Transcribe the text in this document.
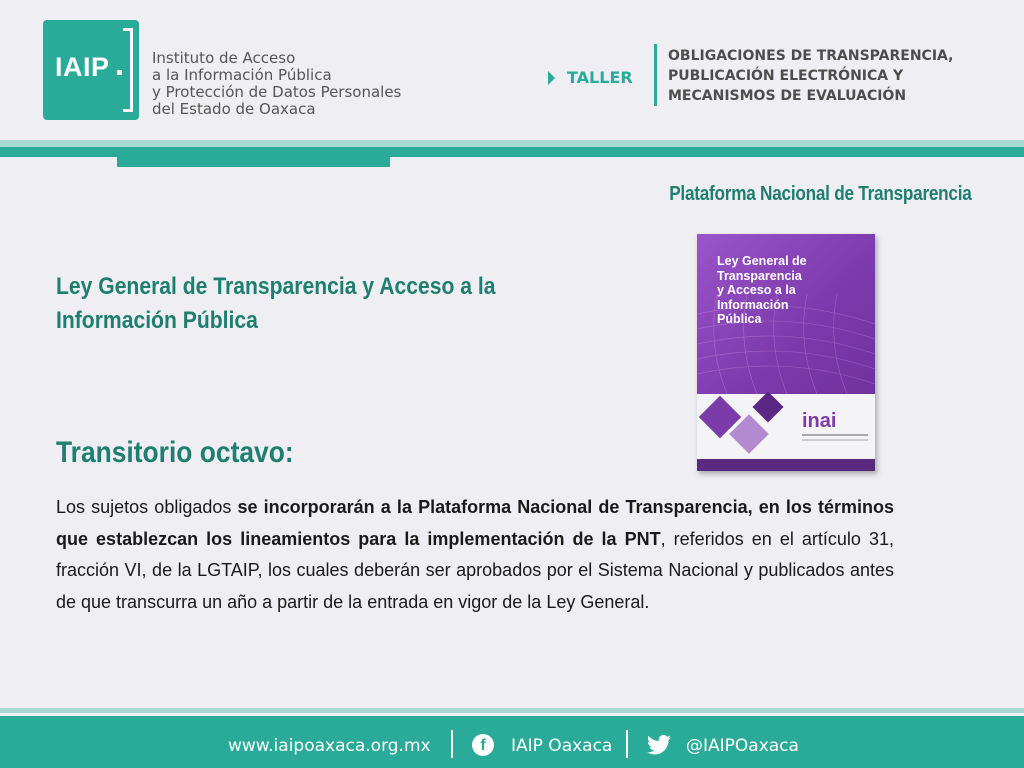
IAIP	Instituto de Acceso
a la Información Pública
y Protección de Datos Personales
del Estado de Oaxaca
TALLER
OBLIGACIONES DE TRANSPARENCIA,
PUBLICACIÓN ELECTRÓNICA Y
MECANISMOS DE EVALUACIÓN
Plataforma Nacional de Transparencia
Ley General de Transparencia y Acceso a la Información Pública
Ley General de
Transparencia
y Acceso a la
Información
Pública
inai
Transitorio octavo:

Los sujetos obligados se incorporarán a la Plataforma Nacional de Transparencia, en los términos que establezcan los lineamientos para la implementación de la PNT, referidos en el artículo 31, fracción VI, de la LGTAIP, los cuales deberán ser aprobados por el Sistema Nacional y publicados antes de que transcurra un año a partir de la entrada en vigor de la Ley General.

www.iaipoaxaca.org.mx	f	IAIP Oaxaca	@IAIPOaxaca
